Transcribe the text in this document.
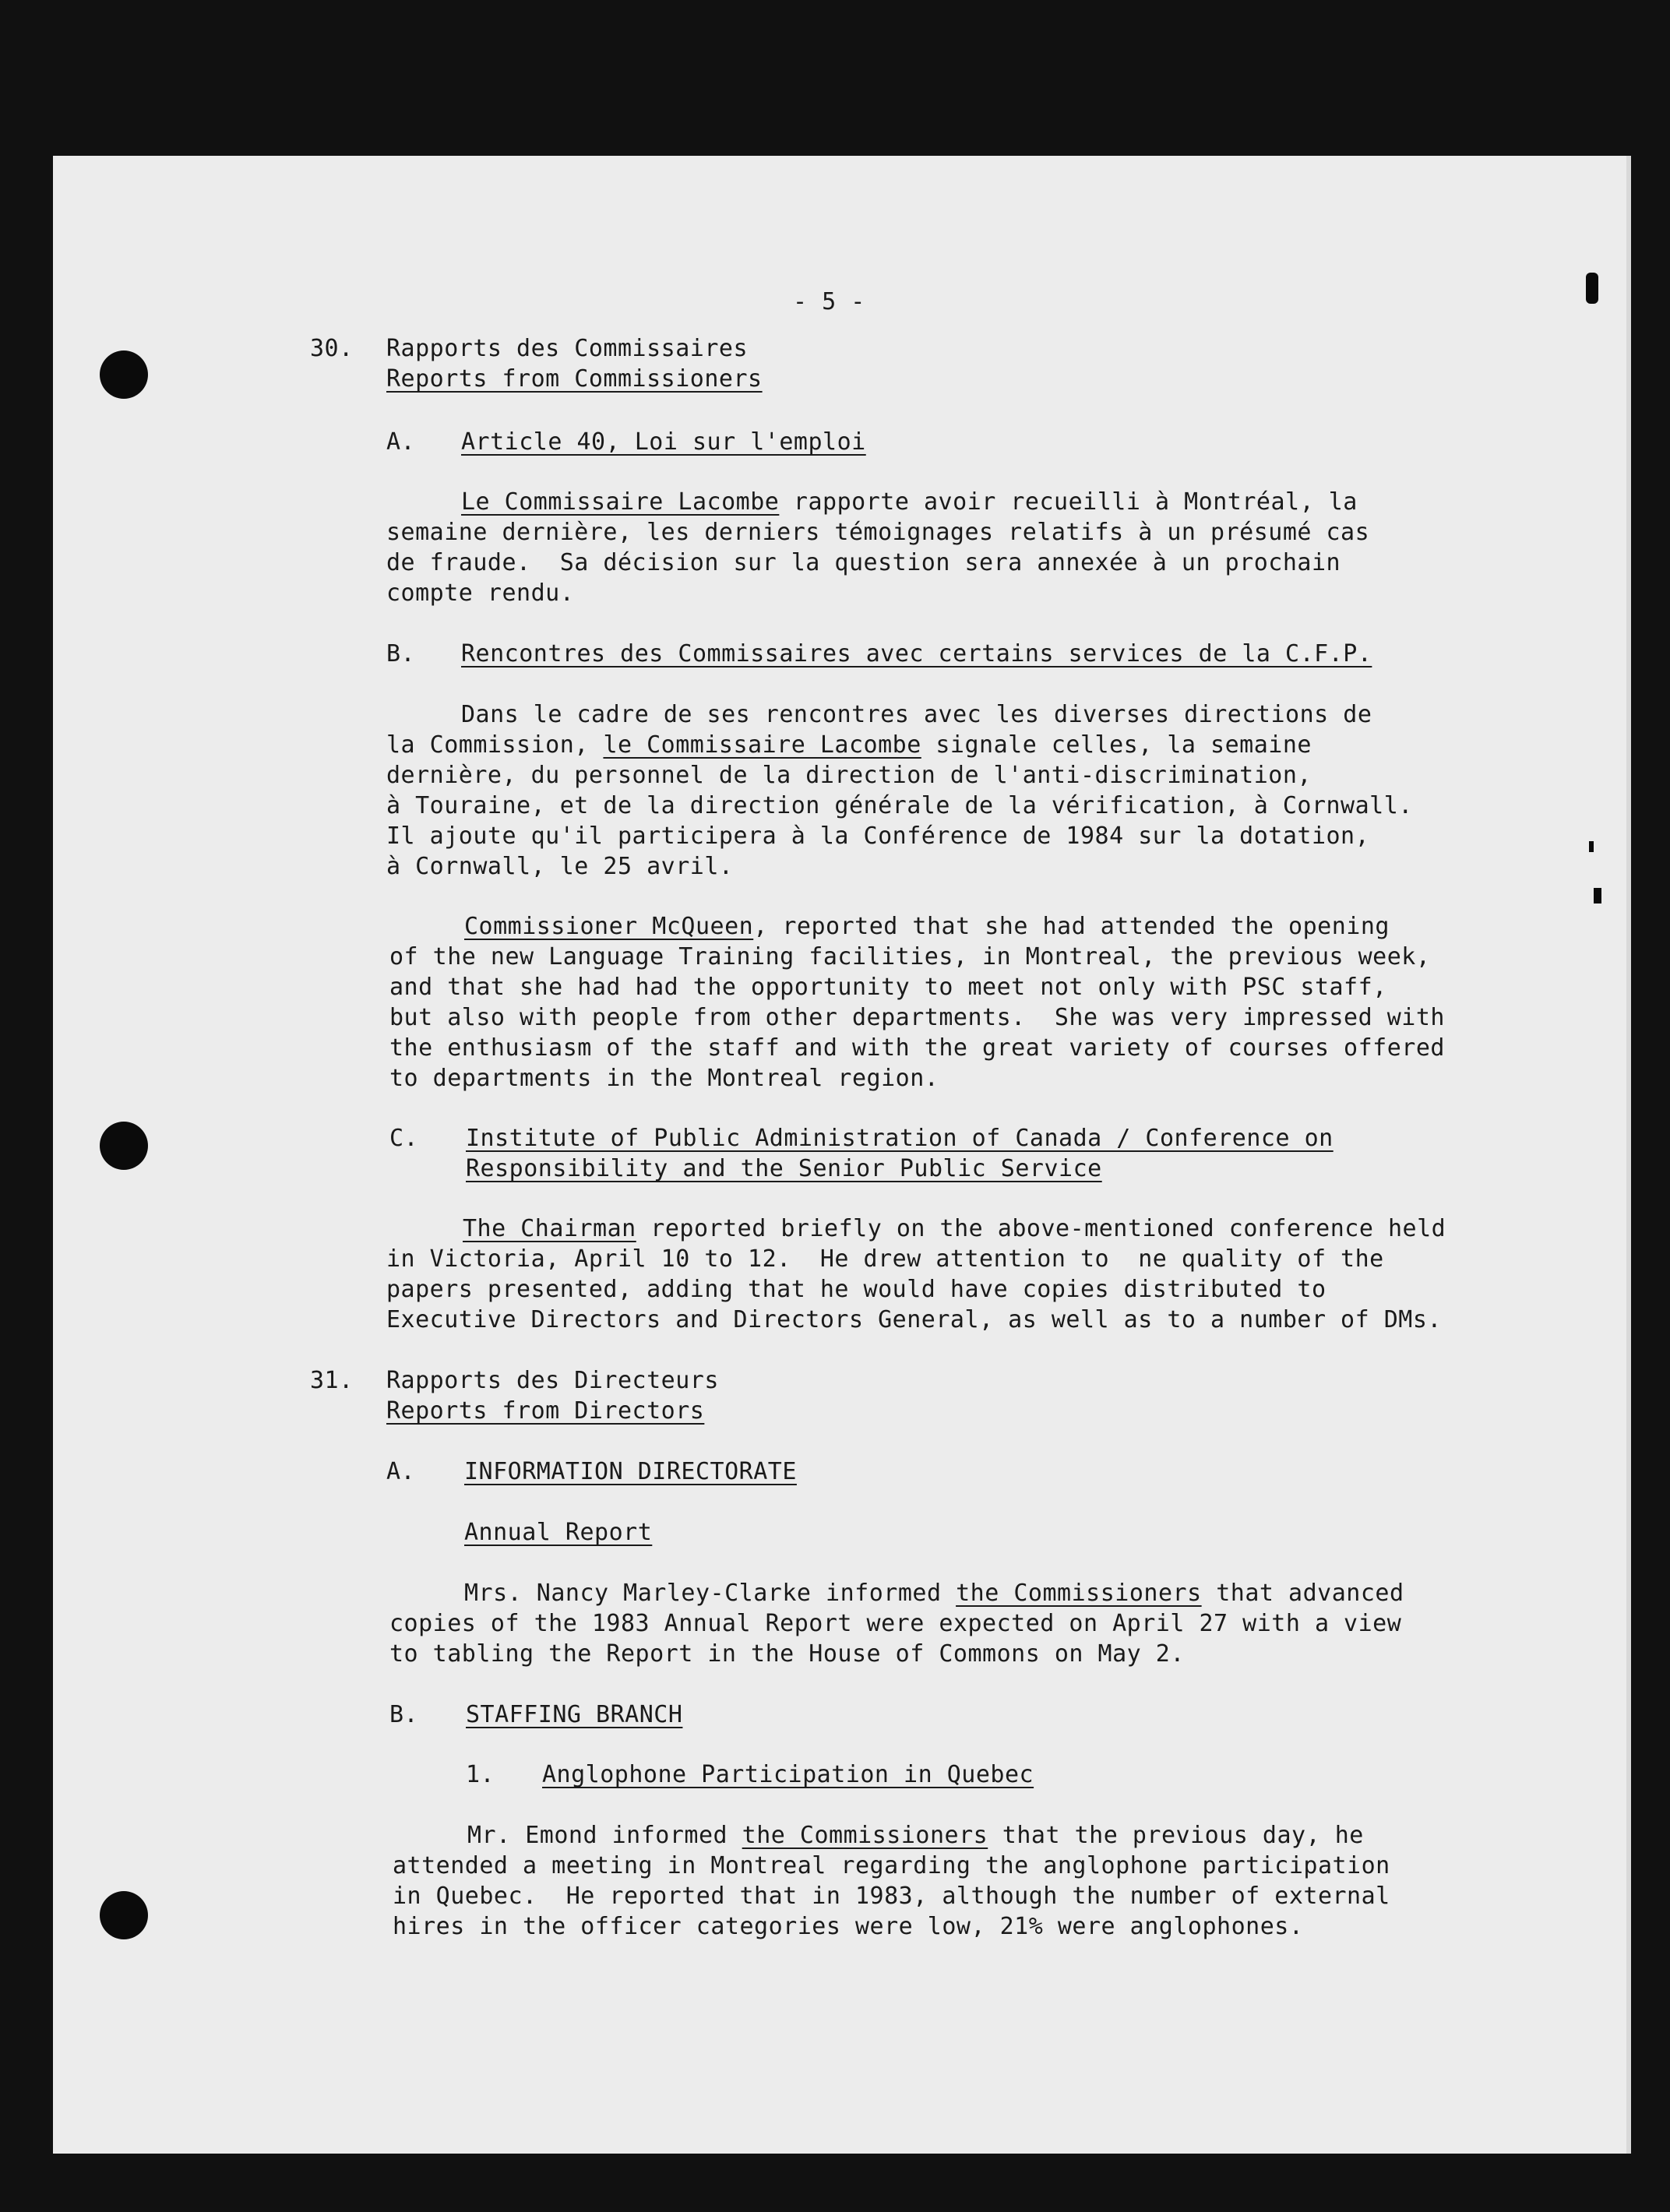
- 5 -
30. Rapports des Commissaires
Reports from Commissioners
A. Article 40, Loi sur l'emploi
Le Commissaire Lacombe rapporte avoir recueilli à Montréal, la
semaine dernière, les derniers témoignages relatifs à un présumé cas
de fraude.  Sa décision sur la question sera annexée à un prochain
compte rendu.
B. Rencontres des Commissaires avec certains services de la C.F.P.
Dans le cadre de ses rencontres avec les diverses directions de
la Commission, le Commissaire Lacombe signale celles, la semaine
dernière, du personnel de la direction de l'anti-discrimination,
à Touraine, et de la direction générale de la vérification, à Cornwall.
Il ajoute qu'il participera à la Conférence de 1984 sur la dotation,
à Cornwall, le 25 avril.
Commissioner McQueen, reported that she had attended the opening
of the new Language Training facilities, in Montreal, the previous week,
and that she had had the opportunity to meet not only with PSC staff,
but also with people from other departments.  She was very impressed with
the enthusiasm of the staff and with the great variety of courses offered
to departments in the Montreal region.
C. Institute of Public Administration of Canada / Conference on
Responsibility and the Senior Public Service
The Chairman reported briefly on the above-mentioned conference held
in Victoria, April 10 to 12.  He drew attention to  ne quality of the
papers presented, adding that he would have copies distributed to
Executive Directors and Directors General, as well as to a number of DMs.
31. Rapports des Directeurs
Reports from Directors
A. INFORMATION DIRECTORATE
Annual Report
Mrs. Nancy Marley-Clarke informed the Commissioners that advanced
copies of the 1983 Annual Report were expected on April 27 with a view
to tabling the Report in the House of Commons on May 2.
B. STAFFING BRANCH
1. Anglophone Participation in Quebec
Mr. Emond informed the Commissioners that the previous day, he
attended a meeting in Montreal regarding the anglophone participation
in Quebec.  He reported that in 1983, although the number of external
hires in the officer categories were low, 21% were anglophones.
